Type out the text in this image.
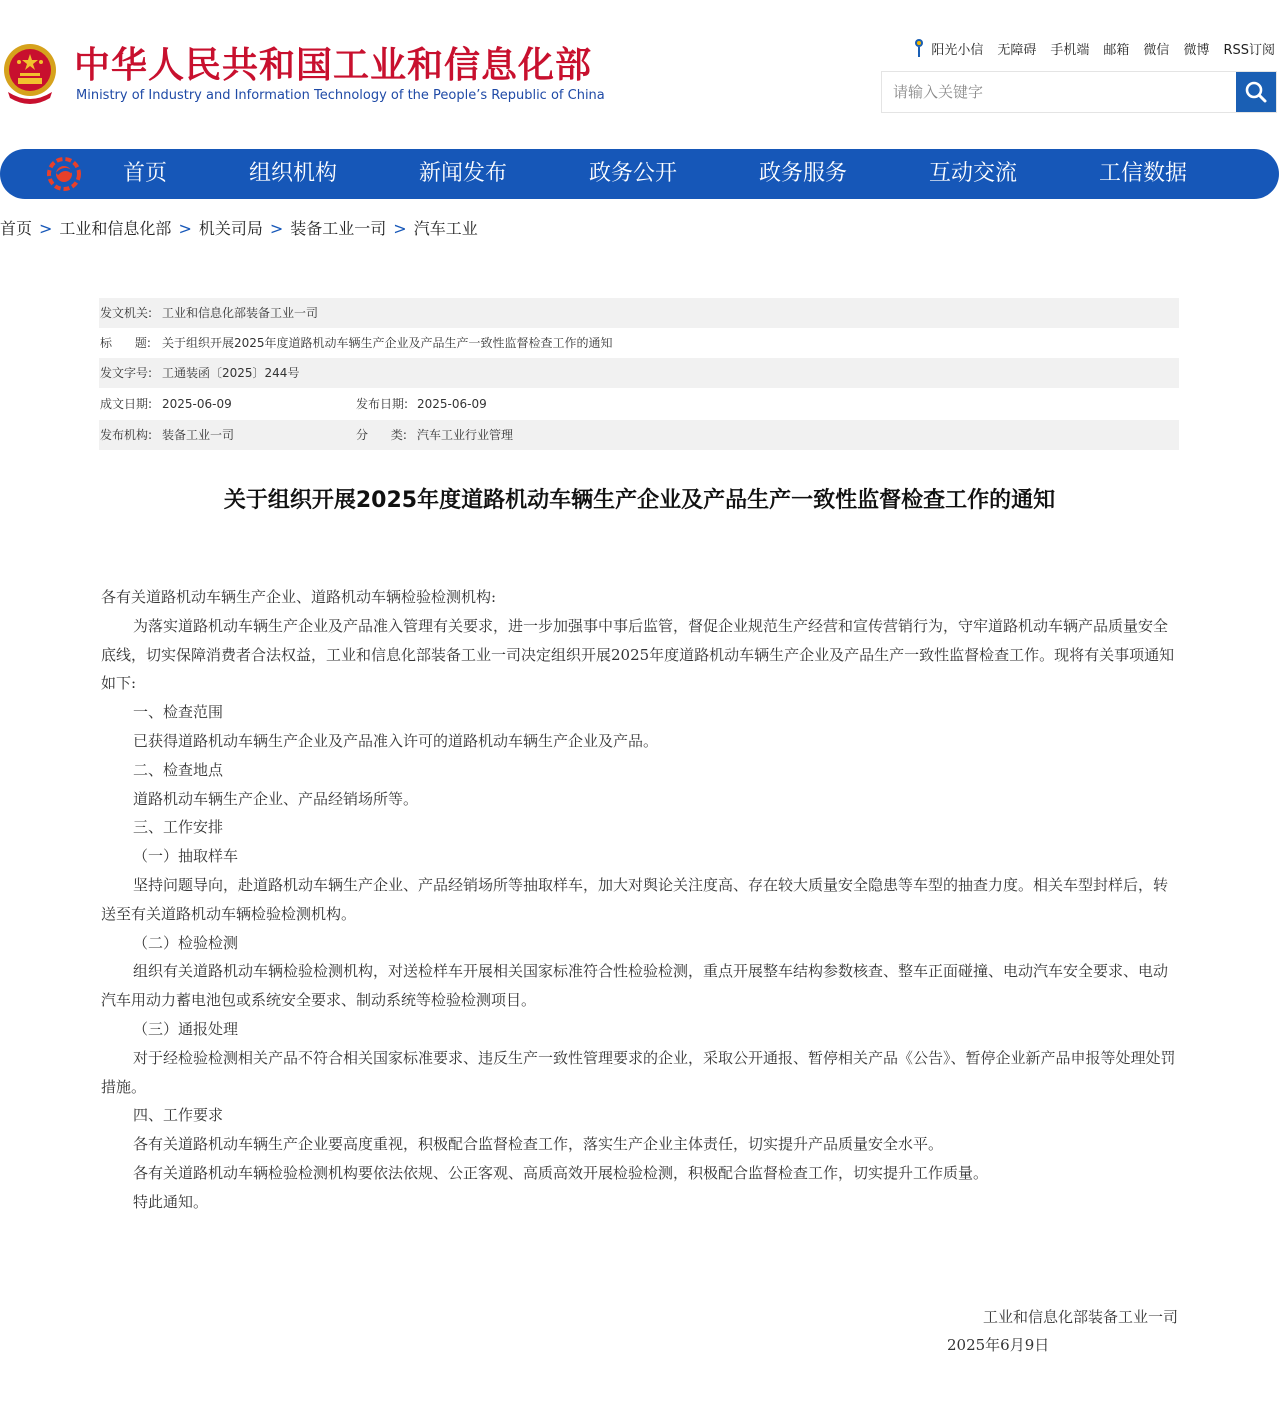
中华人民共和国工业和信息化部
Ministry of Industry and Information Technology of the People’s Republic of China
阳光小信 无障碍 手机端 邮箱 微信 微博 RSS订阅
请输入关键字
首页	组织机构	新闻发布	政务公开	政务服务	互动交流	工信数据
首页 > 工业和信息化部 > 机关司局 > 装备工业一司 > 汽车工业
发文机关: 工业和信息化部装备工业一司
标      题: 关于组织开展2025年度道路机动车辆生产企业及产品生产一致性监督检查工作的通知
发文字号: 工通装函〔2025〕244号
成文日期: 2025-06-09	发布日期: 2025-06-09
发布机构: 装备工业一司	分      类: 汽车工业行业管理
关于组织开展2025年度道路机动车辆生产企业及产品生产一致性监督检查工作的通知

各有关道路机动车辆生产企业、道路机动车辆检验检测机构:

为落实道路机动车辆生产企业及产品准入管理有关要求，进一步加强事中事后监管，督促企业规范生产经营和宣传营销行为，守牢道路机动车辆产品质量安全底线，切实保障消费者合法权益，工业和信息化部装备工业一司决定组织开展2025年度道路机动车辆生产企业及产品生产一致性监督检查工作。现将有关事项通知如下:

一、检查范围

已获得道路机动车辆生产企业及产品准入许可的道路机动车辆生产企业及产品。

二、检查地点

道路机动车辆生产企业、产品经销场所等。

三、工作安排

（一）抽取样车

坚持问题导向，赴道路机动车辆生产企业、产品经销场所等抽取样车，加大对舆论关注度高、存在较大质量安全隐患等车型的抽查力度。相关车型封样后，转送至有关道路机动车辆检验检测机构。

（二）检验检测

组织有关道路机动车辆检验检测机构，对送检样车开展相关国家标准符合性检验检测，重点开展整车结构参数核查、整车正面碰撞、电动汽车安全要求、电动汽车用动力蓄电池包或系统安全要求、制动系统等检验检测项目。

（三）通报处理

对于经检验检测相关产品不符合相关国家标准要求、违反生产一致性管理要求的企业，采取公开通报、暂停相关产品《公告》、暂停企业新产品申报等处理处罚措施。

四、工作要求

各有关道路机动车辆生产企业要高度重视，积极配合监督检查工作，落实生产企业主体责任，切实提升产品质量安全水平。

各有关道路机动车辆检验检测机构要依法依规、公正客观、高质高效开展检验检测，积极配合监督检查工作，切实提升工作质量。

特此通知。

工业和信息化部装备工业一司
2025年6月9日
